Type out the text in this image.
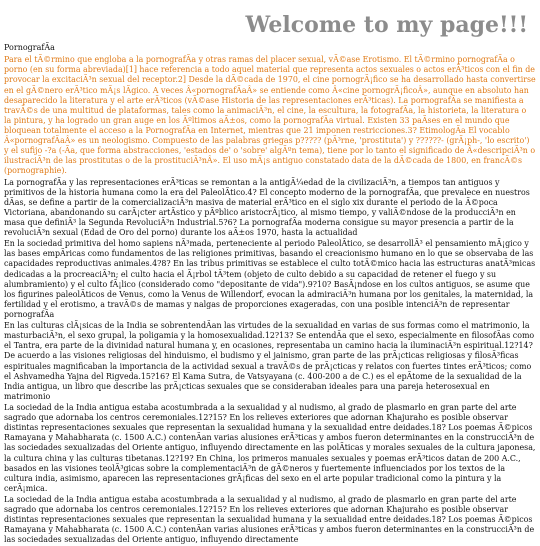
Welcome to my page!!!
PornografÃa

Para el tÃ©rmino que engloba a la pornografÃa y otras ramas del placer sexual, vÃ©ase Erotismo. El tÃ©rmino pornografÃa o porno (en su forma abreviada)[1] hace referencia a todo aquel material que representa actos sexuales o actos erÃ³ticos con el fin de provocar la excitaciÃ³n sexual del receptor.2] Desde la dÃ©cada de 1970, el cine pornogrÃ¡fico se ha desarrollado hasta convertirse en el gÃ©nero erÃ³tico mÃ¡s lÃgico. A veces Â«pornografÃaÂ» se entiende como Â«cine pornogrÃ¡ficoÂ», aunque en absoluto han desaparecido la literatura y el arte erÃ³ticos (vÃ©ase Historia de las representaciones erÃ³ticas). La pornografÃa se manifiesta a travÃ©s de una multitud de plataformas, tales como la animaciÃ³n, el cine, la escultura, la fotografÃa, la historieta, la literatura o la pintura, y ha logrado un gran auge en los Ãºltimos aÃ±os, como la pornografÃa virtual. Existen 33 paÃses en el mundo que bloquean totalmente el acceso a la PornografÃa en Internet, mientras que 21 imponen restricciones.3? EtimologÃa El vocablo Â«pornografÃaÂ» es un neologismo. Compuesto de las palabras griegas p????? (pÃ³rne, 'prostituta') y ??????- (grÃ¡ph-, 'lo escrito') y el sufijo -?a (-Ãa, que forma abstracciones, 'estados de' o 'sobre' algÃºn tema), tiene por lo tanto el significado de Â«descripciÃ³n o ilustraciÃ³n de las prostitutas o de la prostituciÃ³nÂ». El uso mÃ¡s antiguo constatado data de la dÃ©cada de 1800, en francÃ©s (pornographie).

La pornografÃa y las representaciones erÃ³ticas se remontan a la antigÃ¼edad de la civilizaciÃ³n, a tiempos tan antiguos y primitivos de la historia humana como la era del PaleolÃtico.4? El concepto moderno de la pornografÃa, que prevalece en nuestros dÃas, se define a partir de la comercializaciÃ³n masiva de material erÃ³tico en el siglo xix durante el periodo de la Ã©poca Victoriana, abandonando su carÃ¡cter artÃstico y pÃºblico aristocrÃ¡tico, al mismo tiempo, y valiÃ©ndose de la producciÃ³n en masa que definiÃ³ la Segunda RevoluciÃ³n Industrial.5?6? La pornografÃa moderna consigue su mayor presencia a partir de la revoluciÃ³n sexual (Edad de Oro del porno) durante los aÃ±os 1970, hasta la actualidad

En la sociedad primitiva del homo sapiens nÃ³mada, perteneciente al periodo PaleolÃtico, se desarrollÃ³ el pensamiento mÃ¡gico y las bases empÃricas como fundamentos de las religiones primitivas, basando el creacionismo humano en lo que se observaba de las capacidades reproductivas animales.4?8? En las tribus primitivas se establece el culto totÃ©mico hacia las estructuras anatÃ³micas dedicadas a la procreaciÃ³n; el culto hacia el Ã¡rbol tÃ³tem (objeto de culto debido a su capacidad de retener el fuego y su alumbramiento) y el culto fÃ¡lico (considerado como "depositante de vida").9?10? BasÃ¡ndose en los cultos antiguos, se asume que los figurines paleolÃticos de Venus, como la Venus de Willendorf, evocan la admiraciÃ³n humana por los genitales, la maternidad, la fertilidad y el erotismo, a travÃ©s de mamas y nalgas de proporciones exageradas, con una posible intenciÃ³n de representar pornografÃa

En las culturas clÃ¡sicas de la India se sobrentendÃan las virtudes de la sexualidad en varias de sus formas como el matrimonio, la masturbaciÃ³n, el sexo grupal, la poligamia y la homosexualidad.12?13? Se entendÃa que el sexo, especialmente en filosofÃas como el Tantra, era parte de la divinidad natural humana y, en ocasiones, representaba un camino hacia la iluminaciÃ³n espiritual.12?14? De acuerdo a las visiones religiosas del hinduismo, el budismo y el jainismo, gran parte de las prÃ¡cticas religiosas y filosÃ³ficas espirituales magnificaban la importancia de la actividad sexual a travÃ©s de prÃ¡cticas y relatos con fuertes tintes erÃ³ticos; como el Ashvamedha Yajna del Rigveda.15?16? El Kama Sutra, de Vatsyayana (c. 400-200 a de C.) es el epÃtome de la sexualidad de la India antigua, un libro que describe las prÃ¡cticas sexuales que se consideraban ideales para una pareja heterosexual en matrimonio

La sociedad de la India antigua estaba acostumbrada a la sexualidad y al nudismo, al grado de plasmarlo en gran parte del arte sagrado que adornaba los centros ceremoniales.12?15? En los relieves exteriores que adornan Khajuraho es posible observar distintas representaciones sexuales que representan la sexualidad humana y la sexualidad entre deidades.18? Los poemas Ã©picos Ramayana y Mahabharata (c. 1500 A.C.) contenÃan varias alusiones erÃ³ticas y ambos fueron determinantes en la construcciÃ³n de las sociedades sexualizadas del Oriente antiguo, influyendo directamente en las polÃticas y morales sexuales de la cultura japonesa, la cultura china y las culturas tibetanas.12?19? En China, los primeros manuales sexuales y poemas erÃ³ticos datan de 200 A.C., basados en las visiones teolÃ³gicas sobre la complementaciÃ³n de gÃ©neros y fuertemente influenciados por los textos de la cultura india, asimismo, aparecen las representaciones grÃ¡ficas del sexo en el arte popular tradicional como la pintura y la cerÃ¡mica.

La sociedad de la India antigua estaba acostumbrada a la sexualidad y al nudismo, al grado de plasmarlo en gran parte del arte sagrado que adornaba los centros ceremoniales.12?15? En los relieves exteriores que adornan Khajuraho es posible observar distintas representaciones sexuales que representan la sexualidad humana y la sexualidad entre deidades.18? Los poemas Ã©picos Ramayana y Mahabharata (c. 1500 A.C.) contenÃan varias alusiones erÃ³ticas y ambos fueron determinantes en la construcciÃ³n de las sociedades sexualizadas del Oriente antiguo, influyendo directamente
